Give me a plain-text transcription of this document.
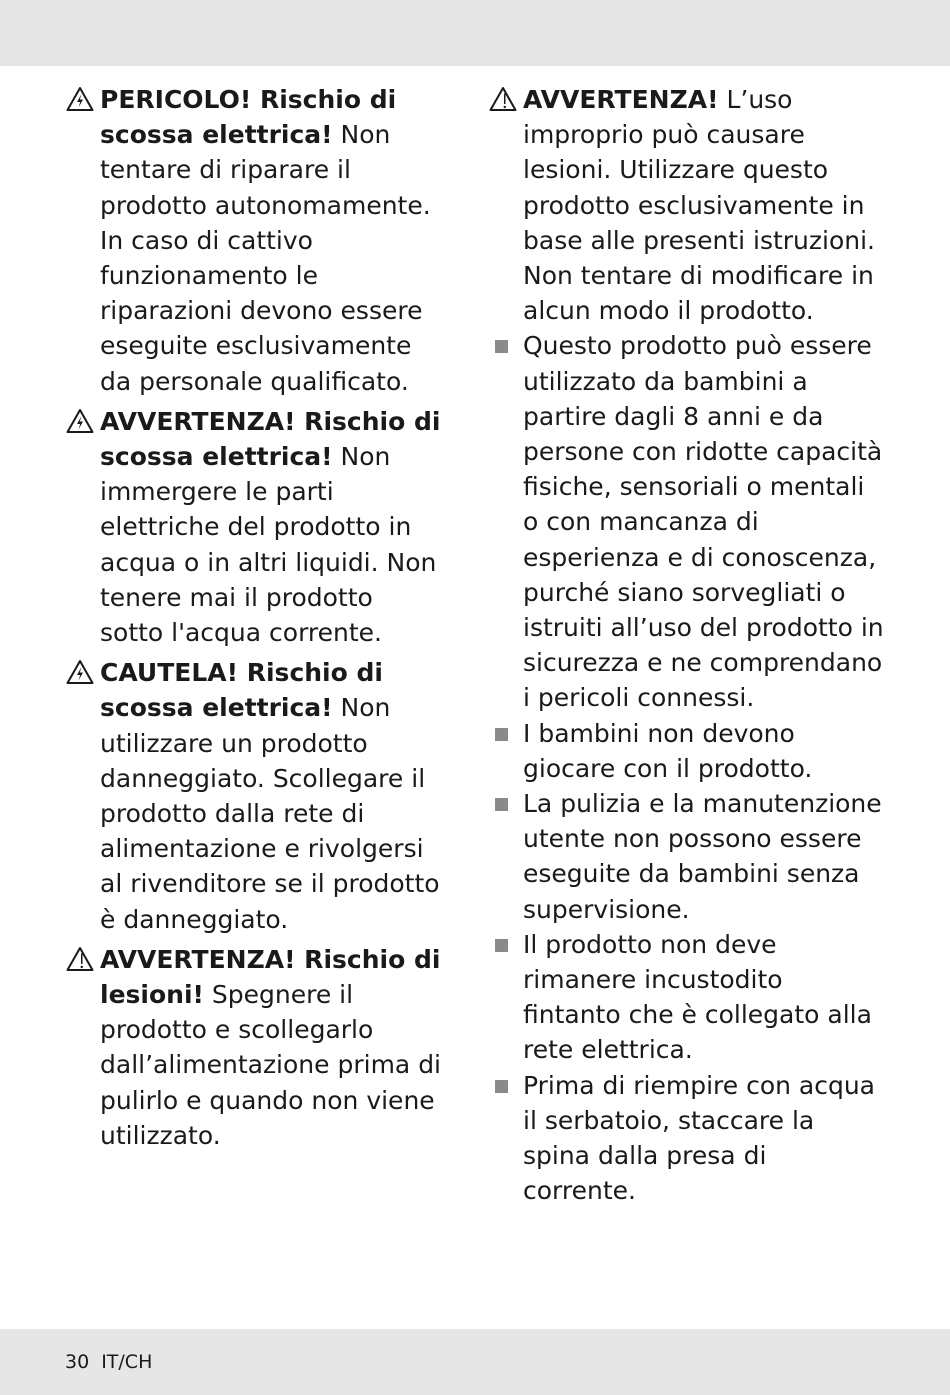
PERICOLO! Rischio di scossa elettrica! Non tentare di riparare il prodotto autonomamente. In caso di cattivo funzionamento le riparazioni devono essere eseguite esclusivamente da personale qualificato.

AVVERTENZA! Rischio di scossa elettrica! Non immergere le parti elettriche del prodotto in acqua o in altri liquidi. Non tenere mai il prodotto sotto l'acqua corrente.

CAUTELA! Rischio di scossa elettrica! Non utilizzare un prodotto danneggiato. Scollegare il prodotto dalla rete di alimentazione e rivolgersi al rivenditore se il prodotto è danneggiato.

AVVERTENZA! Rischio di lesioni! Spegnere il prodotto e scollegarlo dall’alimentazione prima di pulirlo e quando non viene utilizzato.

AVVERTENZA! L’uso improprio può causare lesioni. Utilizzare questo prodotto esclusivamente in base alle presenti istruzioni. Non tentare di modificare in alcun modo il prodotto.

Questo prodotto può essere utilizzato da bambini a partire dagli 8 anni e da persone con ridotte capacità fisiche, sensoriali o mentali o con mancanza di esperienza e di conoscenza, purché siano sorvegliati o istruiti all’uso del prodotto in sicurezza e ne comprendano i pericoli connessi.

I bambini non devono giocare con il prodotto.

La pulizia e la manutenzione utente non possono essere eseguite da bambini senza supervisione.

Il prodotto non deve rimanere incustodito fintanto che è collegato alla rete elettrica.

Prima di riempire con acqua il serbatoio, staccare la spina dalla presa di corrente.

30 IT/CH
